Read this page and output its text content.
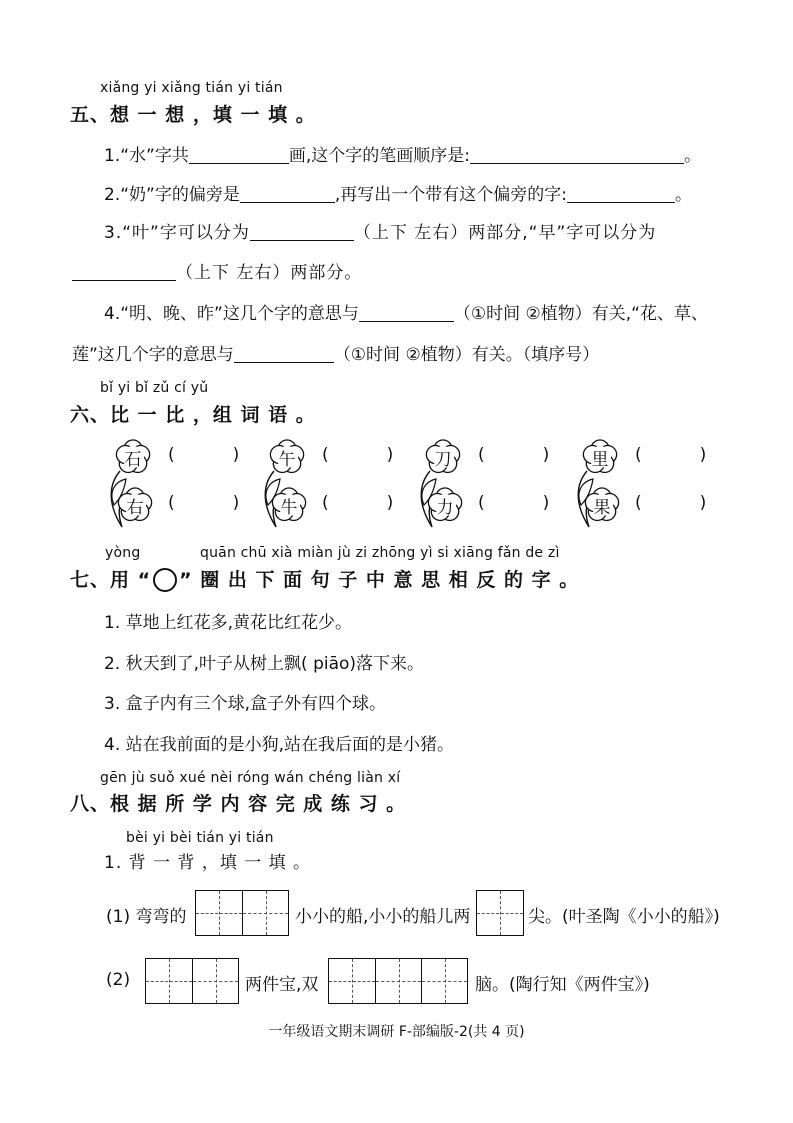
xiǎng yi xiǎng tián yi tián
五、想 一 想 ，填 一 填 。
1.“水”字共	画,这个字的笔画顺序是:	。
2.“奶”字的偏旁是	,再写出一个带有这个偏旁的字:	。
3.“叶”字可以分为	（上下 左右）两部分,“早”字可以分为
（上下 左右）两部分。
4.“明、晚、昨”这几个字的意思与	（①时间 ②植物）有关,“花、草、
莲”这几个字的意思与	（①时间 ②植物）有关。（填序号）
bǐ yi bǐ zǔ cí yǔ
六、比 一 比 ，组 词 语 。
石
右
(	)
(	)
午
牛
(	)
(	)
刀
力
(	)
(	)
里
果
(	)
(	)
yòng	quān chū xià miàn jù zi zhōng yì si xiāng fǎn de zì
七、用 “ ” 圈 出 下 面 句 子 中 意 思 相 反 的 字 。
1. 草地上红花多,黄花比红花少。
2. 秋天到了,叶子从树上飘( piāo)落下来。
3. 盒子内有三个球,盒子外有四个球。
4. 站在我前面的是小狗,站在我后面的是小猪。
gēn jù suǒ xué nèi róng wán chéng liàn xí
八、根 据 所 学 内 容 完 成 练 习 。
bèi yi bèi tián yi tián
1. 背 一 背 ，填 一 填 。
(1) 弯弯的	小小的船,小小的船儿两	尖。(叶圣陶《小小的船》)
(2)	两件宝,双	脑。(陶行知《两件宝》)
一年级语文期末调研 F-部编版-2(共 4 页)
